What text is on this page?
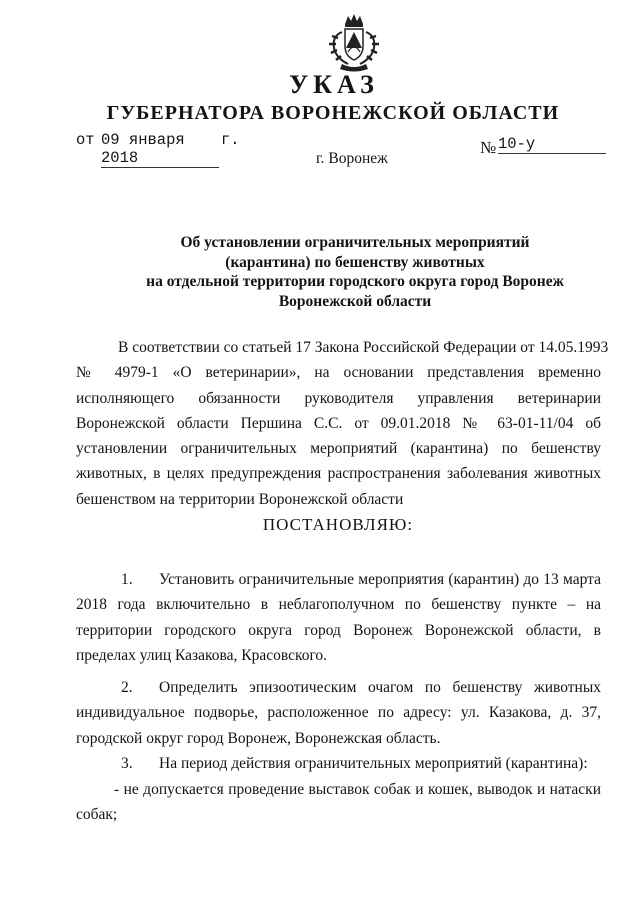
УКАЗ
ГУБЕРНАТОРА ВОРОНЕЖСКОЙ ОБЛАСТИ
от 09 января 2018
г.	№ 10-у
г. Воронеж
Об установлении ограничительных мероприятий
(карантина) по бешенству животных
на отдельной территории городского округа город Воронеж
Воронежской области
В соответствии со статьей 17 Закона Российской Федерации от 14.05.1993
№ 4979-1 «О ветеринарии», на основании представления временно
исполняющего обязанности руководителя управления ветеринарии
Воронежской области Першина С.С. от 09.01.2018 № 63-01-11/04 об
установлении ограничительных мероприятий (карантина) по бешенству
животных, в целях предупреждения распространения заболевания животных
бешенством на территории Воронежской области
ПОСТАНОВЛЯЮ:
1. Установить ограничительные мероприятия (карантин) до 13 марта
2018 года включительно в неблагополучном по бешенству пункте – на
территории городского округа город Воронеж Воронежской области, в
пределах улиц Казакова, Красовского.
2. Определить эпизоотическим очагом по бешенству животных
индивидуальное подворье, расположенное по адресу: ул. Казакова, д. 37,
городской округ город Воронеж, Воронежская область.
3. На период действия ограничительных мероприятий (карантина):
- не допускается проведение выставок собак и кошек, выводок и натаски
собак;
